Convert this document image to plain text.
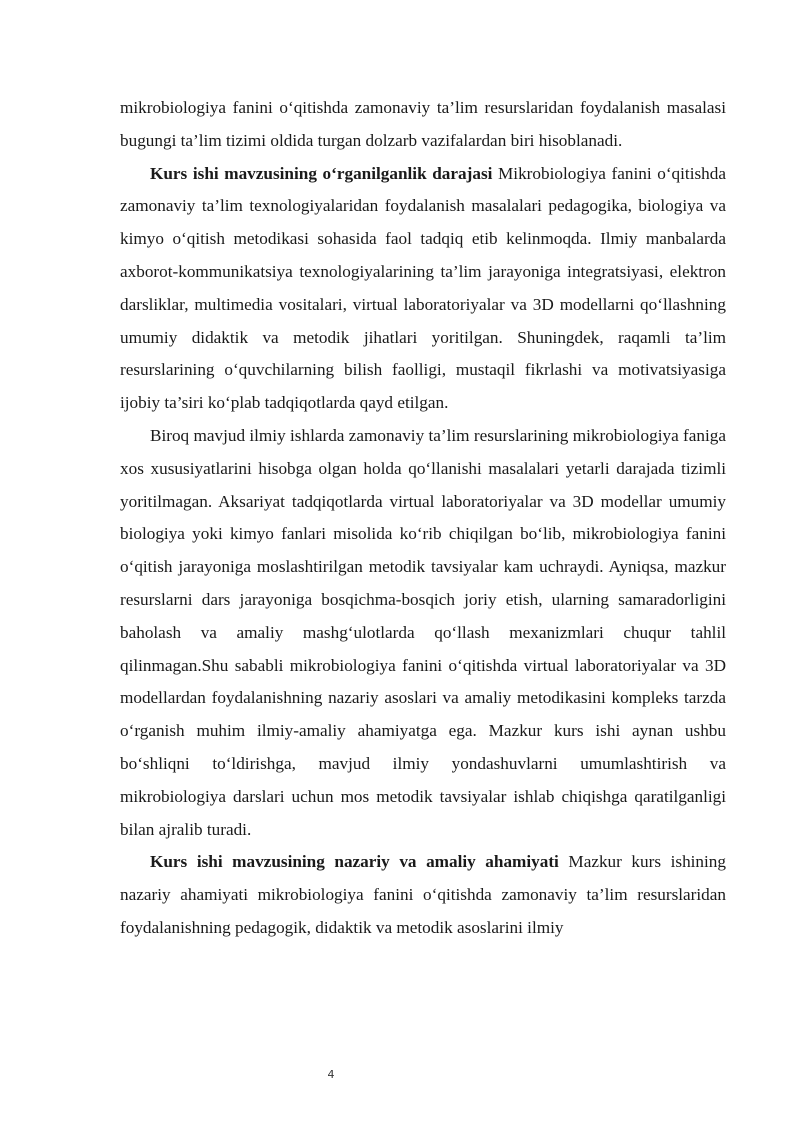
mikrobiologiya fanini o‘qitishda zamonaviy ta’lim resurslaridan foydalanish masalasi bugungi ta’lim tizimi oldida turgan dolzarb vazifalardan biri hisoblanadi.

Kurs ishi mavzusining o‘rganilganlik darajasi Mikrobiologiya fanini o‘qitishda zamonaviy ta’lim texnologiyalaridan foydalanish masalalari pedagogika, biologiya va kimyo o‘qitish metodikasi sohasida faol tadqiq etib kelinmoqda. Ilmiy manbalarda axborot-kommunikatsiya texnologiyalarining ta’lim jarayoniga integratsiyasi, elektron darsliklar, multimedia vositalari, virtual laboratoriyalar va 3D modellarni qo‘llashning umumiy didaktik va metodik jihatlari yoritilgan. Shuningdek, raqamli ta’lim resurslarining o‘quvchilarning bilish faolligi, mustaqil fikrlashi va motivatsiyasiga ijobiy ta’siri ko‘plab tadqiqotlarda qayd etilgan.

Biroq mavjud ilmiy ishlarda zamonaviy ta’lim resurslarining mikrobiologiya faniga xos xususiyatlarini hisobga olgan holda qo‘llanishi masalalari yetarli darajada tizimli yoritilmagan. Aksariyat tadqiqotlarda virtual laboratoriyalar va 3D modellar umumiy biologiya yoki kimyo fanlari misolida ko‘rib chiqilgan bo‘lib, mikrobiologiya fanini o‘qitish jarayoniga moslashtirilgan metodik tavsiyalar kam uchraydi. Ayniqsa, mazkur resurslarni dars jarayoniga bosqichma-bosqich joriy etish, ularning samaradorligini baholash va amaliy mashg‘ulotlarda qo‘llash mexanizmlari chuqur tahlil qilinmagan.Shu sababli mikrobiologiya fanini o‘qitishda virtual laboratoriyalar va 3D modellardan foydalanishning nazariy asoslari va amaliy metodikasini kompleks tarzda o‘rganish muhim ilmiy-amaliy ahamiyatga ega. Mazkur kurs ishi aynan ushbu bo‘shliqni to‘ldirishga, mavjud ilmiy yondashuvlarni umumlashtirish va mikrobiologiya darslari uchun mos metodik tavsiyalar ishlab chiqishga qaratilganligi bilan ajralib turadi.

Kurs ishi mavzusining nazariy va amaliy ahamiyati Mazkur kurs ishining nazariy ahamiyati mikrobiologiya fanini o‘qitishda zamonaviy ta’lim resurslaridan foydalanishning pedagogik, didaktik va metodik asoslarini ilmiy

4
